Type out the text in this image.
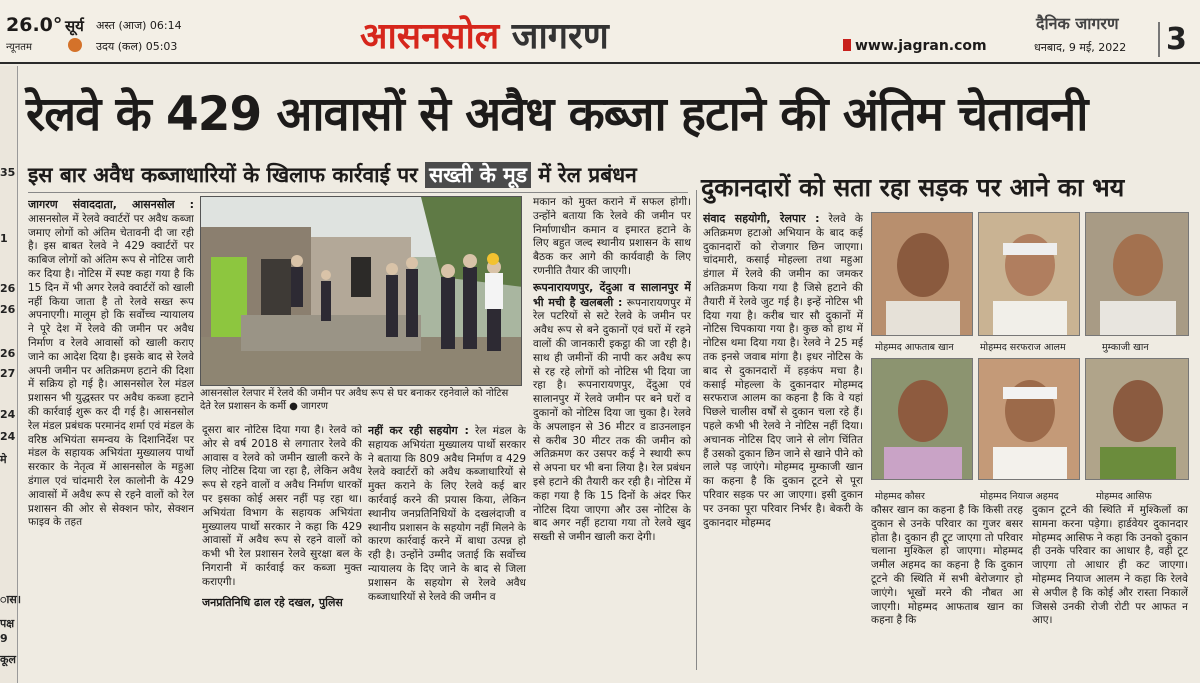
26.0°
न्यूनतम
सूर्य अस्त (आज) 06:14
उदय (कल) 05:03	आसनसोल जागरण	www.jagran.com
दैनिक जागरण
धनबाद, 9 मई, 2022 3
35
1
26
26
26
27
24
24
मे
ास।
पक्ष
9
कूल
रेलवे के 429 आवासों से अवैध कब्जा हटाने की अंतिम चेतावनी
इस बार अवैध कब्जाधारियों के खिलाफ कार्रवाई पर सख्ती के मूड में रेल प्रबंधन	दुकानदारों को सता रहा सड़क पर आने का भय
जागरण संवाददाता, आसनसोल : आसनसोल में रेलवे क्वार्टरों पर अवैध कब्जा जमाए लोगों को अंतिम चेतावनी दी जा रही है। इस बाबत रेलवे ने 429 क्वार्टरों पर काबिज लोगों को अंतिम रूप से नोटिस जारी कर दिया है। नोटिस में स्पष्ट कहा गया है कि 15 दिन में भी अगर रेलवे क्वार्टरों को खाली नहीं किया जाता है तो रेलवे सख्त रूप अपनाएगी। मालूम हो कि सर्वोच्च न्यायालय ने पूरे देश में रेलवे की जमीन पर अवैध निर्माण व रेलवे आवासों को खाली कराए जाने का आदेश दिया है। इसके बाद से रेलवे अपनी जमीन पर अतिक्रमण हटाने की दिशा में सक्रिय हो गई है। आसनसोल रेल मंडल प्रशासन भी युद्धस्तर पर अवैध कब्जा हटाने की कार्रवाई शुरू कर दी गई है। आसनसोल रेल मंडल प्रबंधक परमानंद शर्मा एवं मंडल के वरिष्ठ अभियंता समन्वय के दिशानिर्देश पर मंडल के सहायक अभियंता मुख्यालय पार्थो सरकार के नेतृत्व में आसनसोल के महुआ डंगाल एवं चांदमारी रेल कालोनी के 429 आवासों में अवैध रूप से रहने वालों को रेल प्रशासन की ओर से सेक्शन फोर, सेक्शन फाइव के तहत
आसनसोल रेलपार में रेलवे की जमीन पर अवैध रूप से घर बनाकर रहनेवाले को नोटिस देते रेल प्रशासन के कर्मी ● जागरण
दूसरा बार नोटिस दिया गया है। रेलवे को ओर से वर्ष 2018 से लगातार रेलवे की आवास व रेलवे को जमीन खाली करने के लिए नोटिस दिया जा रहा है, लेकिन अवैध रूप से रहने वालों व अवैध निर्माण धारकों पर इसका कोई असर नहीं पड़ रहा था। अभियंता विभाग के सहायक अभियंता मुख्यालय पार्थो सरकार ने कहा कि 429 आवासों में अवैध रूप से रहने वालों को कभी भी रेल प्रशासन रेलवे सुरक्षा बल के निगरानी में कार्रवाई कर कब्जा मुक्त कराएगी।
जनप्रतिनिधि ढाल रहे दखल, पुलिस
नहीं कर रही सहयोग : रेल मंडल के सहायक अभियंता मुख्यालय पार्थो सरकार ने बताया कि 809 अवैध निर्माण व 429 रेलवे क्वार्टरों को अवैध कब्जाधारियों से मुक्त कराने के लिए रेलवे कई बार कार्रवाई करने की प्रयास किया, लेकिन स्थानीय जनप्रतिनिधियों के दखलंदाजी व स्थानीय प्रशासन के सहयोग नहीं मिलने के कारण कार्रवाई करने में बाधा उत्पन्न हो रही है। उन्होंने उम्मीद जताई कि सर्वोच्च न्यायालय के दिए जाने के बाद से जिला प्रशासन के सहयोग से रेलवे अवैध कब्जाधारियों से रेलवे की जमीन व
मकान को मुक्त कराने में सफल होगी। उन्होंने बताया कि रेलवे की जमीन पर निर्माणाधीन कमान व इमारत हटाने के लिए बहुत जल्द स्थानीय प्रशासन के साथ बैठक कर आगे की कार्यवाही के लिए रणनीति तैयार की जाएगी।
रूपनारायणपुर, देंदुआ व सालानपुर में भी मची है खलबली : रूपनारायणपुर में रेल पटरियों से सटे रेलवे के जमीन पर अवैध रूप से बने दुकानों एवं घरों में रहने वालों की जानकारी इकट्ठा की जा रही है। साथ ही जमीनों की नापी कर अवैध रूप से रह रहे लोगों को नोटिस भी दिया जा रहा है। रूपनारायणपुर, देंदुआ एवं सालानपुर में रेलवे जमीन पर बने घरों व दुकानों को नोटिस दिया जा चुका है। रेलवे के अपलाइन से 36 मीटर व डाउनलाइन से करीब 30 मीटर तक की जमीन को अतिक्रमण कर उसपर कई ने स्थायी रूप से अपना घर भी बना लिया है। रेल प्रबंधन इसे हटाने की तैयारी कर रही है। नोटिस में कहा गया है कि 15 दिनों के अंदर फिर नोटिस दिया जाएगा और उस नोटिस के बाद अगर नहीं हटाया गया तो रेलवे खुद सख्ती से जमीन खाली करा देगी।
संवाद सहयोगी, रेलपार : रेलवे के अतिक्रमण हटाओ अभियान के बाद कई दुकानदारों को रोजगार छिन जाएगा। चांदमारी, कसाई मोहल्ला तथा महुआ डंगाल में रेलवे की जमीन का जमकर अतिक्रमण किया गया है जिसे हटाने की तैयारी में रेलवे जुट गई है। इन्हें नोटिस भी दिया गया है। करीब चार सौ दुकानों में नोटिस चिपकाया गया है। कुछ को हाथ में नोटिस थमा दिया गया है। रेलवे ने 25 मई तक इनसे जवाब मांगा है। इधर नोटिस के बाद से दुकानदारों में हड़कंप मचा है। कसाई मोहल्ला के दुकानदार मोहम्मद सरफराज आलम का कहना है कि वे यहां पिछले चालीस वर्षों से दुकान चला रहे हैं। पहले कभी भी रेलवे ने नोटिस नहीं दिया। अचानक नोटिस दिए जाने से लोग चिंतित हैं उसको दुकान छिन जाने से खाने पीने को लाले पड़ जाएंगे। मोहम्मद मुम्काजी खान का कहना है कि दुकान टूटने से पूरा परिवार सड़क पर आ जाएगा। इसी दुकान पर उनका पूरा परिवार निर्भर है। बेकरी के दुकानदार मोहम्मद
मोहम्मद आफताब खान	मोहम्मद सरफराज आलम	मुम्काजी खान
मोहम्मद कौसर	मोहम्मद नियाज अहमद	मोहम्मद आसिफ
कौसर खान का कहना है कि किसी तरह दुकान से उनके परिवार का गुजर बसर होता है। दुकान ही टूट जाएगा तो परिवार चलाना मुश्किल हो जाएगा। मोहम्मद जमील अहमद का कहना है कि दुकान टूटने की स्थिति में सभी बेरोजगार हो जाएंगे। भूखों मरने की नौबत आ जाएगी। मोहम्मद आफताब खान का कहना है कि
दुकान टूटने की स्थिति में मुश्किलों का सामना करना पड़ेगा। हार्डवेयर दुकानदार मोहम्मद आसिफ ने कहा कि उनको दुकान ही उनके परिवार का आधार है, वही टूट जाएगा तो आधार ही कट जाएगा। मोहम्मद नियाज आलम ने कहा कि रेलवे से अपील है कि कोई और रास्ता निकालें जिससे उनकी रोजी रोटी पर आफत न आए।
